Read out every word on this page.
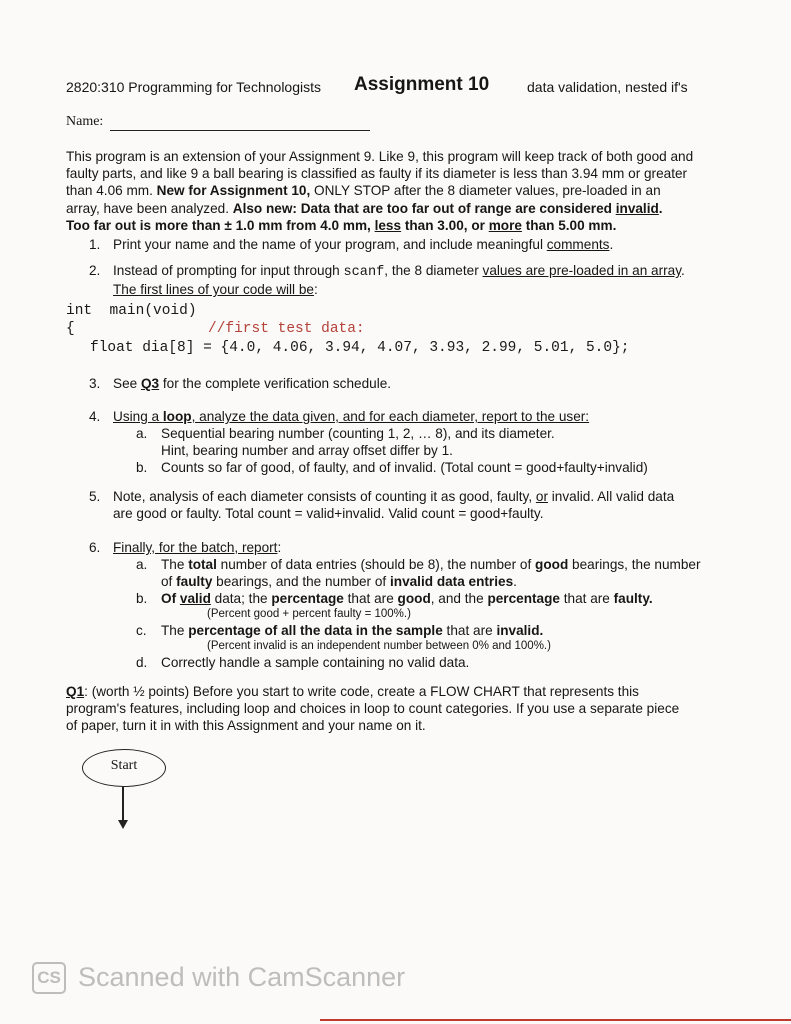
2820:310 Programming for Technologists Assignment 10	data validation, nested if's
Name:

This program is an extension of your Assignment 9. Like 9, this program will keep track of both good and

faulty parts, and like 9 a ball bearing is classified as faulty if its diameter is less than 3.94 mm or greater

than 4.06 mm. New for Assignment 10, ONLY STOP after the 8 diameter values, pre-loaded in an

array, have been analyzed. Also new: Data that are too far out of range are considered invalid.

Too far out is more than ± 1.0 mm from 4.0 mm, less than 3.00, or more than 5.00 mm.

1. Print your name and the name of your program, and include meaningful comments.
2. Instead of prompting for input through scanf, the 8 diameter values are pre-loaded in an array.
The first lines of your code will be:
int  main(void)
{	//first test data:
float dia[8] = {4.0, 4.06, 3.94, 4.07, 3.93, 2.99, 5.01, 5.0};
3. See Q3 for the complete verification schedule.
4. Using a loop, analyze the data given, and for each diameter, report to the user:
a. Sequential bearing number (counting 1, 2, … 8), and its diameter.
Hint, bearing number and array offset differ by 1.
b. Counts so far of good, of faulty, and of invalid. (Total count = good+faulty+invalid)
5. Note, analysis of each diameter consists of counting it as good, faulty, or invalid. All valid data
are good or faulty. Total count = valid+invalid. Valid count = good+faulty.
6. Finally, for the batch, report:
a. The total number of data entries (should be 8), the number of good bearings, the number
of faulty bearings, and the number of invalid data entries.
b. Of valid data; the percentage that are good, and the percentage that are faulty.
(Percent good + percent faulty = 100%.)
c. The percentage of all the data in the sample that are invalid.
(Percent invalid is an independent number between 0% and 100%.)
d. Correctly handle a sample containing no valid data.

Q1: (worth ½ points) Before you start to write code, create a FLOW CHART that represents this

program's features, including loop and choices in loop to count categories. If you use a separate piece

of paper, turn it in with this Assignment and your name on it.

Start
CS Scanned with CamScanner
